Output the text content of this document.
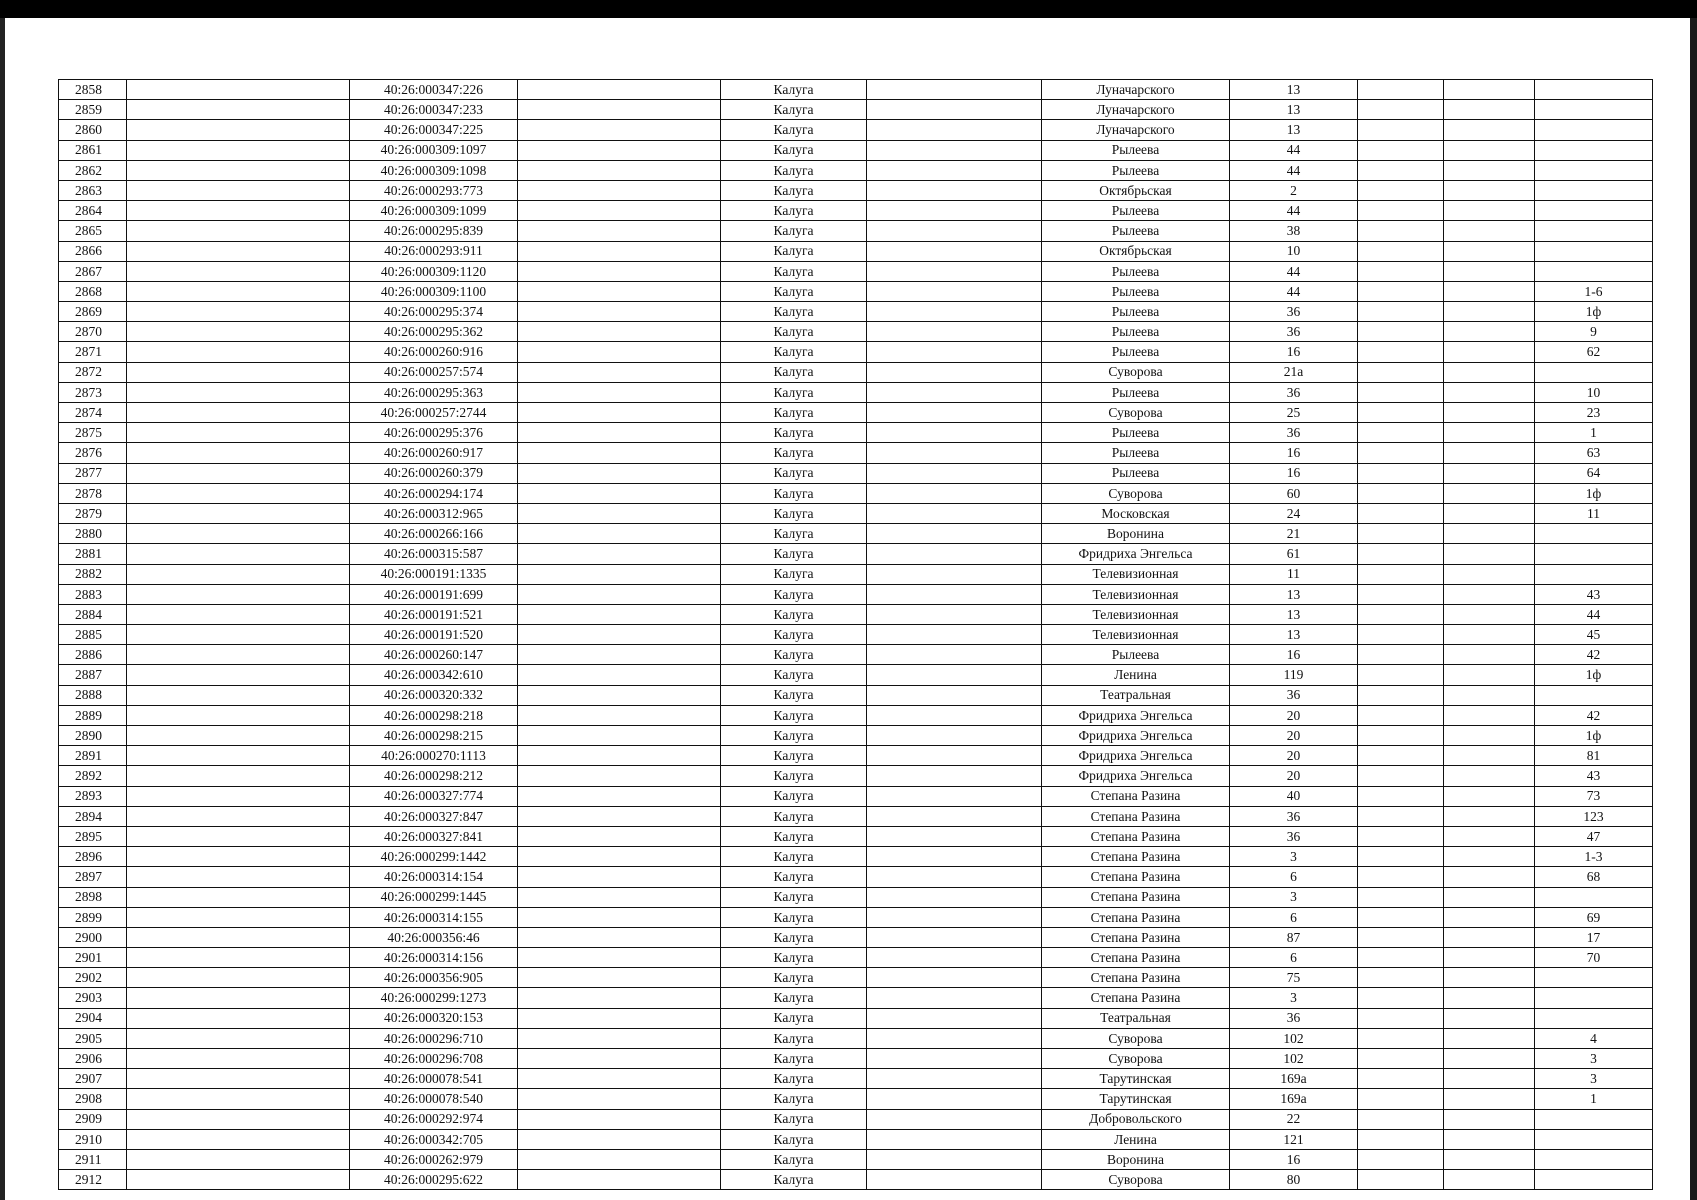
2858		40:26:000347:226		Калуга		Луначарского	13			
2859		40:26:000347:233		Калуга		Луначарского	13			
2860		40:26:000347:225		Калуга		Луначарского	13			
2861		40:26:000309:1097		Калуга		Рылеева	44			
2862		40:26:000309:1098		Калуга		Рылеева	44			
2863		40:26:000293:773		Калуга		Октябрьская	2			
2864		40:26:000309:1099		Калуга		Рылеева	44			
2865		40:26:000295:839		Калуга		Рылеева	38			
2866		40:26:000293:911		Калуга		Октябрьская	10			
2867		40:26:000309:1120		Калуга		Рылеева	44			
2868		40:26:000309:1100		Калуга		Рылеева	44			1-6
2869		40:26:000295:374		Калуга		Рылеева	36			1ф
2870		40:26:000295:362		Калуга		Рылеева	36			9
2871		40:26:000260:916		Калуга		Рылеева	16			62
2872		40:26:000257:574		Калуга		Суворова	21а			
2873		40:26:000295:363		Калуга		Рылеева	36			10
2874		40:26:000257:2744		Калуга		Суворова	25			23
2875		40:26:000295:376		Калуга		Рылеева	36			1
2876		40:26:000260:917		Калуга		Рылеева	16			63
2877		40:26:000260:379		Калуга		Рылеева	16			64
2878		40:26:000294:174		Калуга		Суворова	60			1ф
2879		40:26:000312:965		Калуга		Московская	24			11
2880		40:26:000266:166		Калуга		Воронина	21			
2881		40:26:000315:587		Калуга		Фридриха Энгельса	61			
2882		40:26:000191:1335		Калуга		Телевизионная	11			
2883		40:26:000191:699		Калуга		Телевизионная	13			43
2884		40:26:000191:521		Калуга		Телевизионная	13			44
2885		40:26:000191:520		Калуга		Телевизионная	13			45
2886		40:26:000260:147		Калуга		Рылеева	16			42
2887		40:26:000342:610		Калуга		Ленина	119			1ф
2888		40:26:000320:332		Калуга		Театральная	36			
2889		40:26:000298:218		Калуга		Фридриха Энгельса	20			42
2890		40:26:000298:215		Калуга		Фридриха Энгельса	20			1ф
2891		40:26:000270:1113		Калуга		Фридриха Энгельса	20			81
2892		40:26:000298:212		Калуга		Фридриха Энгельса	20			43
2893		40:26:000327:774		Калуга		Степана Разина	40			73
2894		40:26:000327:847		Калуга		Степана Разина	36			123
2895		40:26:000327:841		Калуга		Степана Разина	36			47
2896		40:26:000299:1442		Калуга		Степана Разина	3			1-3
2897		40:26:000314:154		Калуга		Степана Разина	6			68
2898		40:26:000299:1445		Калуга		Степана Разина	3			
2899		40:26:000314:155		Калуга		Степана Разина	6			69
2900		40:26:000356:46		Калуга		Степана Разина	87			17
2901		40:26:000314:156		Калуга		Степана Разина	6			70
2902		40:26:000356:905		Калуга		Степана Разина	75			
2903		40:26:000299:1273		Калуга		Степана Разина	3			
2904		40:26:000320:153		Калуга		Театральная	36			
2905		40:26:000296:710		Калуга		Суворова	102			4
2906		40:26:000296:708		Калуга		Суворова	102			3
2907		40:26:000078:541		Калуга		Тарутинская	169а			3
2908		40:26:000078:540		Калуга		Тарутинская	169а			1
2909		40:26:000292:974		Калуга		Добровольского	22			
2910		40:26:000342:705		Калуга		Ленина	121			
2911		40:26:000262:979		Калуга		Воронина	16			
2912		40:26:000295:622		Калуга		Суворова	80			
